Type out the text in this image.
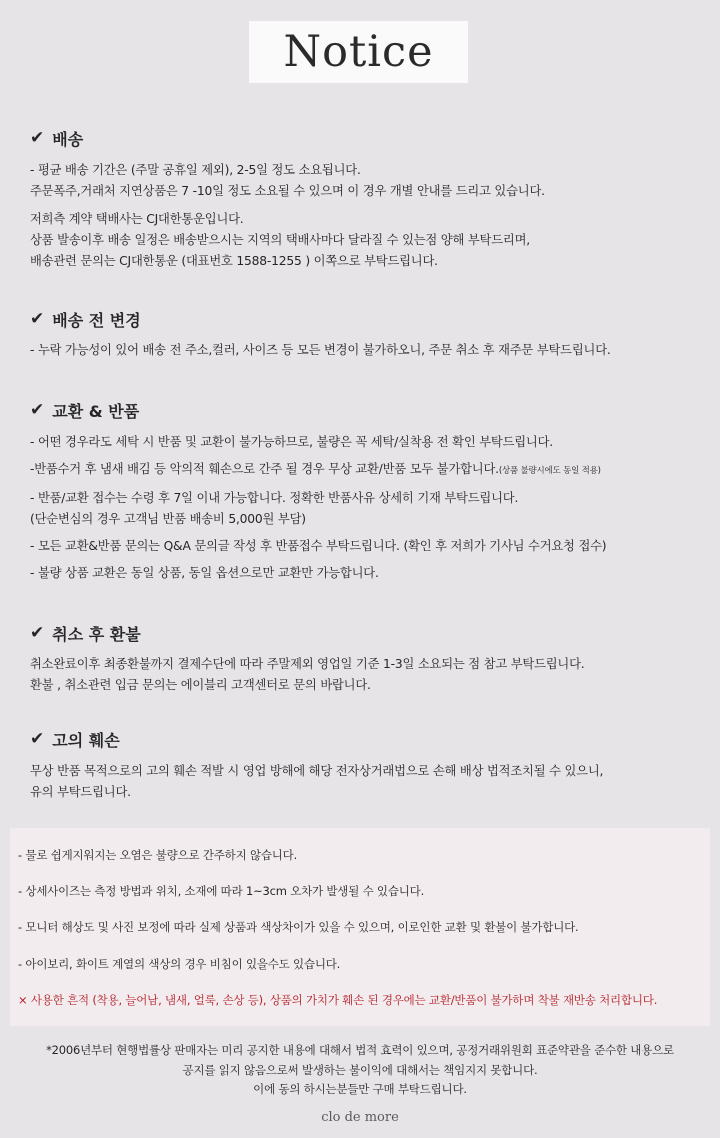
Notice
✔ 배송
- 평균 배송 기간은 (주말 공휴일 제외), 2-5일 정도 소요됩니다.
주문폭주,거래처 지연상품은 7 -10일 정도 소요될 수 있으며 이 경우 개별 안내를 드리고 있습니다.
저희측 계약 택배사는 CJ대한통운입니다.
상품 발송이후 배송 일정은 배송받으시는 지역의 택배사마다 달라질 수 있는점 양해 부탁드리며,
배송관련 문의는 CJ대한통운 (대표번호 1588-1255 ) 이쪽으로 부탁드립니다.
✔ 배송 전 변경
- 누락 가능성이 있어 배송 전 주소,컬러, 사이즈 등 모든 변경이 불가하오니, 주문 취소 후 재주문 부탁드립니다.
✔ 교환 & 반품
- 어떤 경우라도 세탁 시 반품 및 교환이 불가능하므로, 불량은 꼭 세탁/실착용 전 확인 부탁드립니다.
-반품수거 후 냄새 배김 등 악의적 훼손으로 간주 될 경우 무상 교환/반품 모두 불가합니다.(상품 불량시에도 동일 적용)
- 반품/교환 접수는 수령 후 7일 이내 가능합니다. 정확한 반품사유 상세히 기재 부탁드립니다.
(단순변심의 경우 고객님 반품 배송비 5,000원 부담)
- 모든 교환&반품 문의는 Q&A 문의글 작성 후 반품접수 부탁드립니다. (확인 후 저희가 기사님 수거요청 접수)
- 불량 상품 교환은 동일 상품, 동일 옵션으로만 교환만 가능합니다.
✔ 취소 후 환불
취소완료이후 최종환불까지 결제수단에 따라 주말제외 영업일 기준 1-3일 소요되는 점 참고 부탁드립니다.
환불 , 취소관련 입금 문의는 에이블리 고객센터로 문의 바랍니다.
✔ 고의 훼손
무상 반품 목적으로의 고의 훼손 적발 시 영업 방해에 해당 전자상거래법으로 손해 배상 법적조치될 수 있으니,
유의 부탁드립니다.
- 물로 쉽게지워지는 오염은 불량으로 간주하지 않습니다.
- 상세사이즈는 측정 방법과 위치, 소재에 따라 1~3cm 오차가 발생될 수 있습니다.
- 모니터 해상도 및 사진 보정에 따라 실제 상품과 색상차이가 있을 수 있으며, 이로인한 교환 및 환불이 불가합니다.
- 아이보리, 화이트 계열의 색상의 경우 비침이 있을수도 있습니다.
× 사용한 흔적 (착용, 늘어남, 냄새, 얼룩, 손상 등), 상품의 가치가 훼손 된 경우에는 교환/반품이 불가하며 착불 재반송 처리합니다.
*2006년부터 현행법률상 판매자는 미리 공지한 내용에 대해서 법적 효력이 있으며, 공정거래위원회 표준약관을 준수한 내용으로
공지를 읽지 않음으로써 발생하는 불이익에 대해서는 책임지지 못합니다.
이에 동의 하시는분들만 구매 부탁드립니다.
clo de more
